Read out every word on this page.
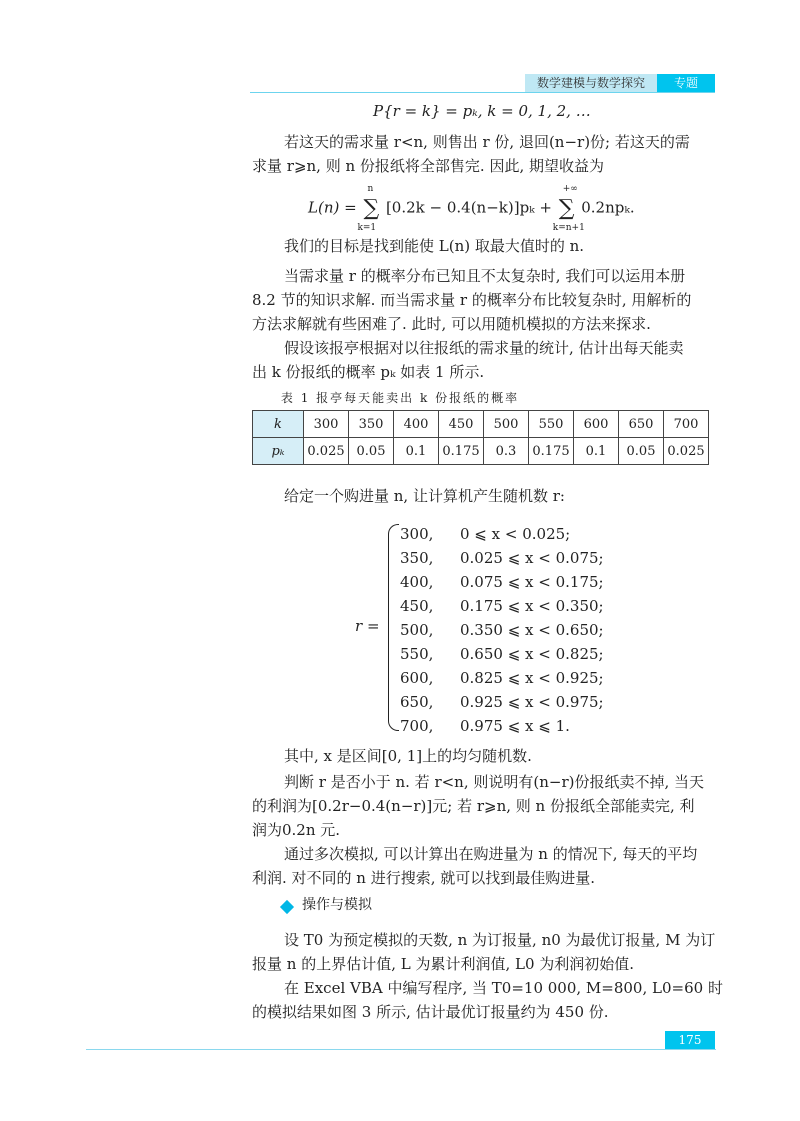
数学建模与数学探究	专题
P{r = k} = pₖ, k = 0, 1, 2, …
若这天的需求量 r<n, 则售出 r 份, 退回(n−r)份; 若这天的需
求量 r⩾n, 则 n 份报纸将全部售完. 因此, 期望收益为
L(n) = ∑
n
k=1
[0.2k − 0.4(n−k)]pₖ + ∑
+∞
k=n+1
0.2npₖ.
我们的目标是找到能使 L(n) 取最大值时的 n.
当需求量 r 的概率分布已知且不太复杂时, 我们可以运用本册
8.2 节的知识求解. 而当需求量 r 的概率分布比较复杂时, 用解析的
方法求解就有些困难了. 此时, 可以用随机模拟的方法来探求.
假设该报亭根据对以往报纸的需求量的统计, 估计出每天能卖
出 k 份报纸的概率 pₖ 如表 1 所示.
表 1 报亭每天能卖出 k 份报纸的概率
k	300	350	400	450	500	550	600	650	700
pₖ	0.025	0.05	0.1	0.175	0.3	0.175	0.1	0.05	0.025
给定一个购进量 n, 让计算机产生随机数 r:
r =
300, 0 ⩽ x < 0.025;
350, 0.025 ⩽ x < 0.075;
400, 0.075 ⩽ x < 0.175;
450, 0.175 ⩽ x < 0.350;
500, 0.350 ⩽ x < 0.650;
550, 0.650 ⩽ x < 0.825;
600, 0.825 ⩽ x < 0.925;
650, 0.925 ⩽ x < 0.975;
700, 0.975 ⩽ x ⩽ 1.
其中, x 是区间[0, 1]上的均匀随机数.
判断 r 是否小于 n. 若 r<n, 则说明有(n−r)份报纸卖不掉, 当天
的利润为[0.2r−0.4(n−r)]元; 若 r⩾n, 则 n 份报纸全部能卖完, 利
润为0.2n 元.
通过多次模拟, 可以计算出在购进量为 n 的情况下, 每天的平均
利润. 对不同的 n 进行搜索, 就可以找到最佳购进量.
操作与模拟
设 T0 为预定模拟的天数, n 为订报量, n0 为最优订报量, M 为订
报量 n 的上界估计值, L 为累计利润值, L0 为利润初始值.
在 Excel VBA 中编写程序, 当 T0=10 000, M=800, L0=60 时
的模拟结果如图 3 所示, 估计最优订报量约为 450 份.
175
